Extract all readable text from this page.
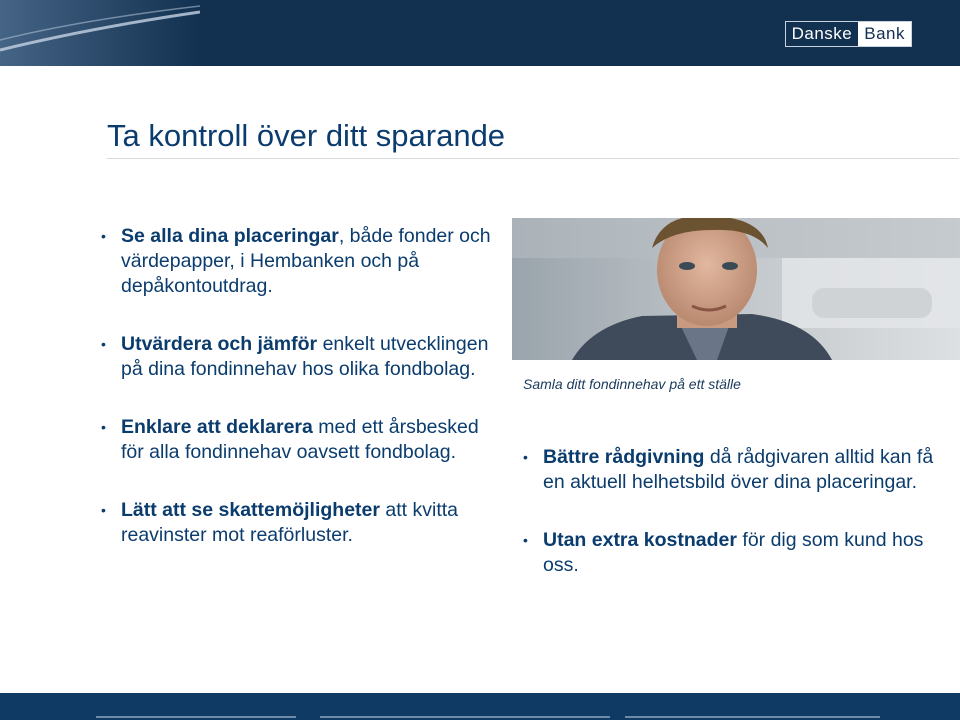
Danske Bank
Ta kontroll över ditt sparande
• Se alla dina placeringar, både fonder och värdepapper, i Hembanken och på depåkontoutdrag.
• Utvärdera och jämför enkelt utvecklingen på dina fondinnehav hos olika fondbolag.
• Enklare att deklarera med ett årsbesked för alla fondinnehav oavsett fondbolag.
• Lätt att se skattemöjligheter att kvitta reavinster mot reaförluster.
Samla ditt fondinnehav på ett ställe
• Bättre rådgivning då rådgivaren alltid kan få en aktuell helhetsbild över dina placeringar.
• Utan extra kostnader för dig som kund hos oss.
